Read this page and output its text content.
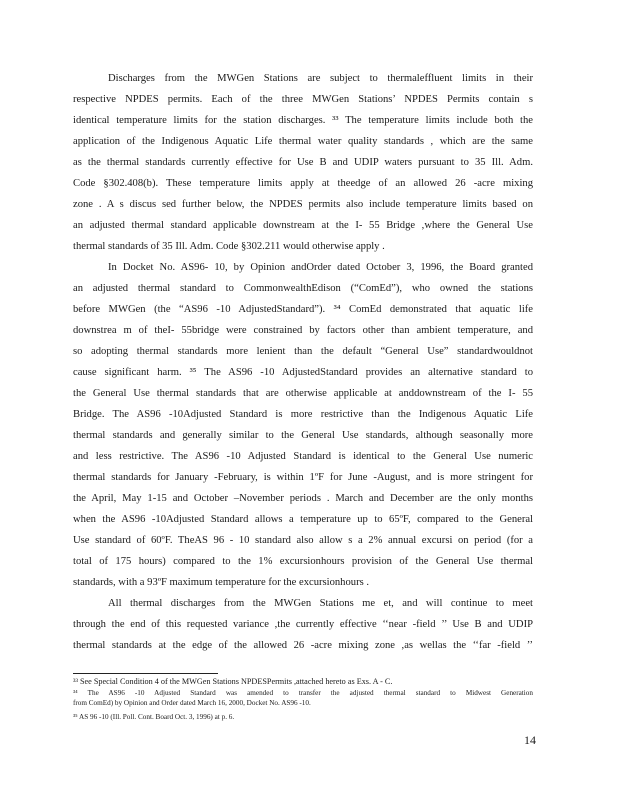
Discharges from the MWGen Stations are subject to thermaleffluent limits in their
respective NPDES permits. Each of the three MWGen Stations’ NPDES Permits contain s
identical temperature limits for the station discharges. ³³ The temperature limits include both the
application of the Indigenous Aquatic Life thermal water quality standards , which are the same
as the thermal standards currently effective for Use B and UDIP waters pursuant to 35 Ill. Adm.
Code §302.408(b). These temperature limits apply at theedge of an allowed 26 -acre mixing
zone . A s discus sed further below, the NPDES permits also include temperature limits based on
an adjusted thermal standard applicable downstream at the I- 55 Bridge ,where the General Use
thermal standards of 35 Ill. Adm. Code §302.211 would otherwise apply .
In Docket No. AS96- 10, by Opinion andOrder dated October 3, 1996, the Board granted
an adjusted thermal standard to CommonwealthEdison (“ComEd”), who owned the stations
before MWGen (the “AS96 -10 AdjustedStandard”). ³⁴ ComEd demonstrated that aquatic life
downstrea m of theI- 55bridge were constrained by factors other than ambient temperature, and
so adopting thermal standards more lenient than the default “General Use” standardwouldnot
cause significant harm. ³⁵ The AS96 -10 AdjustedStandard provides an alternative standard to
the General Use thermal standards that are otherwise applicable at anddownstream of the I- 55
Bridge. The AS96 -10Adjusted Standard is more restrictive than the Indigenous Aquatic Life
thermal standards and generally similar to the General Use standards, although seasonally more
and less restrictive. The AS96 -10 Adjusted Standard is identical to the General Use numeric
thermal standards for January -February, is within 1ºF for June -August, and is more stringent for
the April, May 1-15 and October –November periods . March and December are the only months
when the AS96 -10Adjusted Standard allows a temperature up to 65ºF, compared to the General
Use standard of 60ºF. TheAS 96 - 10 standard also allow s a 2% annual excursi on period (for a
total of 175 hours) compared to the 1% excursionhours provision of the General Use thermal
standards, with a 93ºF maximum temperature for the excursionhours .
All thermal discharges from the MWGen Stations me et, and will continue to meet
through the end of this requested variance ,the currently effective ‘‘near -field ’’ Use B and UDIP
thermal standards at the edge of the allowed 26 -acre mixing zone ,as wellas the ‘‘far -field ’’
³³ See Special Condition 4 of the MWGen Stations NPDESPermits ,attached hereto as Exs. A - C.
³⁴ The AS96 -10 Adjusted Standard was amended to transfer the adjusted thermal standard to Midwest Generation
from ComEd) by Opinion and Order dated March 16, 2000, Docket No. AS96 -10.
³⁵ AS 96 -10 (Ill. Poll. Cont. Board Oct. 3, 1996) at p. 6.
14
